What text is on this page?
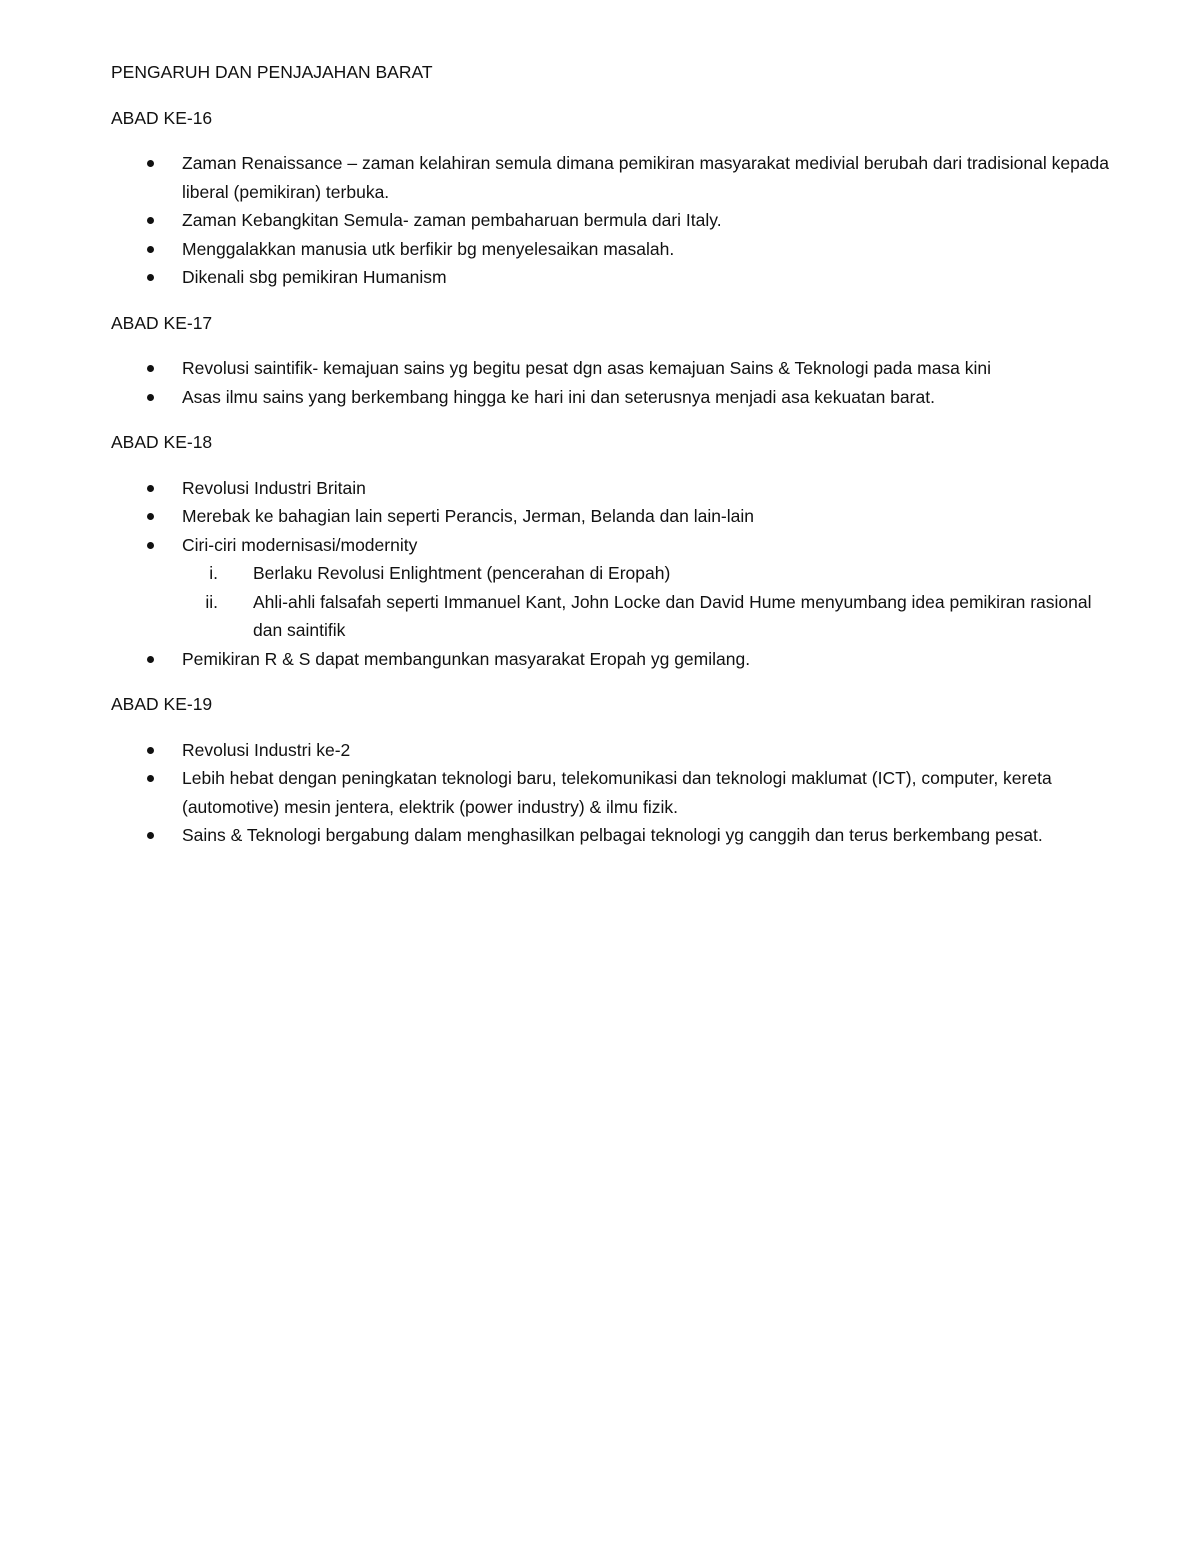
PENGARUH DAN PENJAJAHAN BARAT
ABAD KE-16
Zaman Renaissance – zaman kelahiran semula dimana pemikiran masyarakat medivial berubah dari tradisional kepada liberal (pemikiran) terbuka.
Zaman Kebangkitan Semula- zaman pembaharuan bermula dari Italy.
Menggalakkan manusia utk berfikir bg menyelesaikan masalah.
Dikenali sbg pemikiran Humanism
ABAD KE-17
Revolusi saintifik- kemajuan sains yg begitu pesat dgn asas kemajuan Sains & Teknologi pada masa kini
Asas ilmu sains yang berkembang hingga ke hari ini dan seterusnya menjadi asa kekuatan barat.
ABAD KE-18
Revolusi Industri Britain
Merebak ke bahagian lain seperti Perancis, Jerman, Belanda dan lain-lain
Ciri-ciri modernisasi/modernity
i. Berlaku Revolusi Enlightment (pencerahan di Eropah)
ii. Ahli-ahli falsafah seperti Immanuel Kant, John Locke dan David Hume menyumbang idea pemikiran rasional dan saintifik
Pemikiran R & S dapat membangunkan masyarakat Eropah yg gemilang.
ABAD KE-19
Revolusi Industri ke-2
Lebih hebat dengan peningkatan teknologi baru, telekomunikasi dan teknologi maklumat (ICT), computer, kereta (automotive) mesin jentera, elektrik (power industry) & ilmu fizik.
Sains & Teknologi bergabung dalam menghasilkan pelbagai teknologi yg canggih dan terus berkembang pesat.
